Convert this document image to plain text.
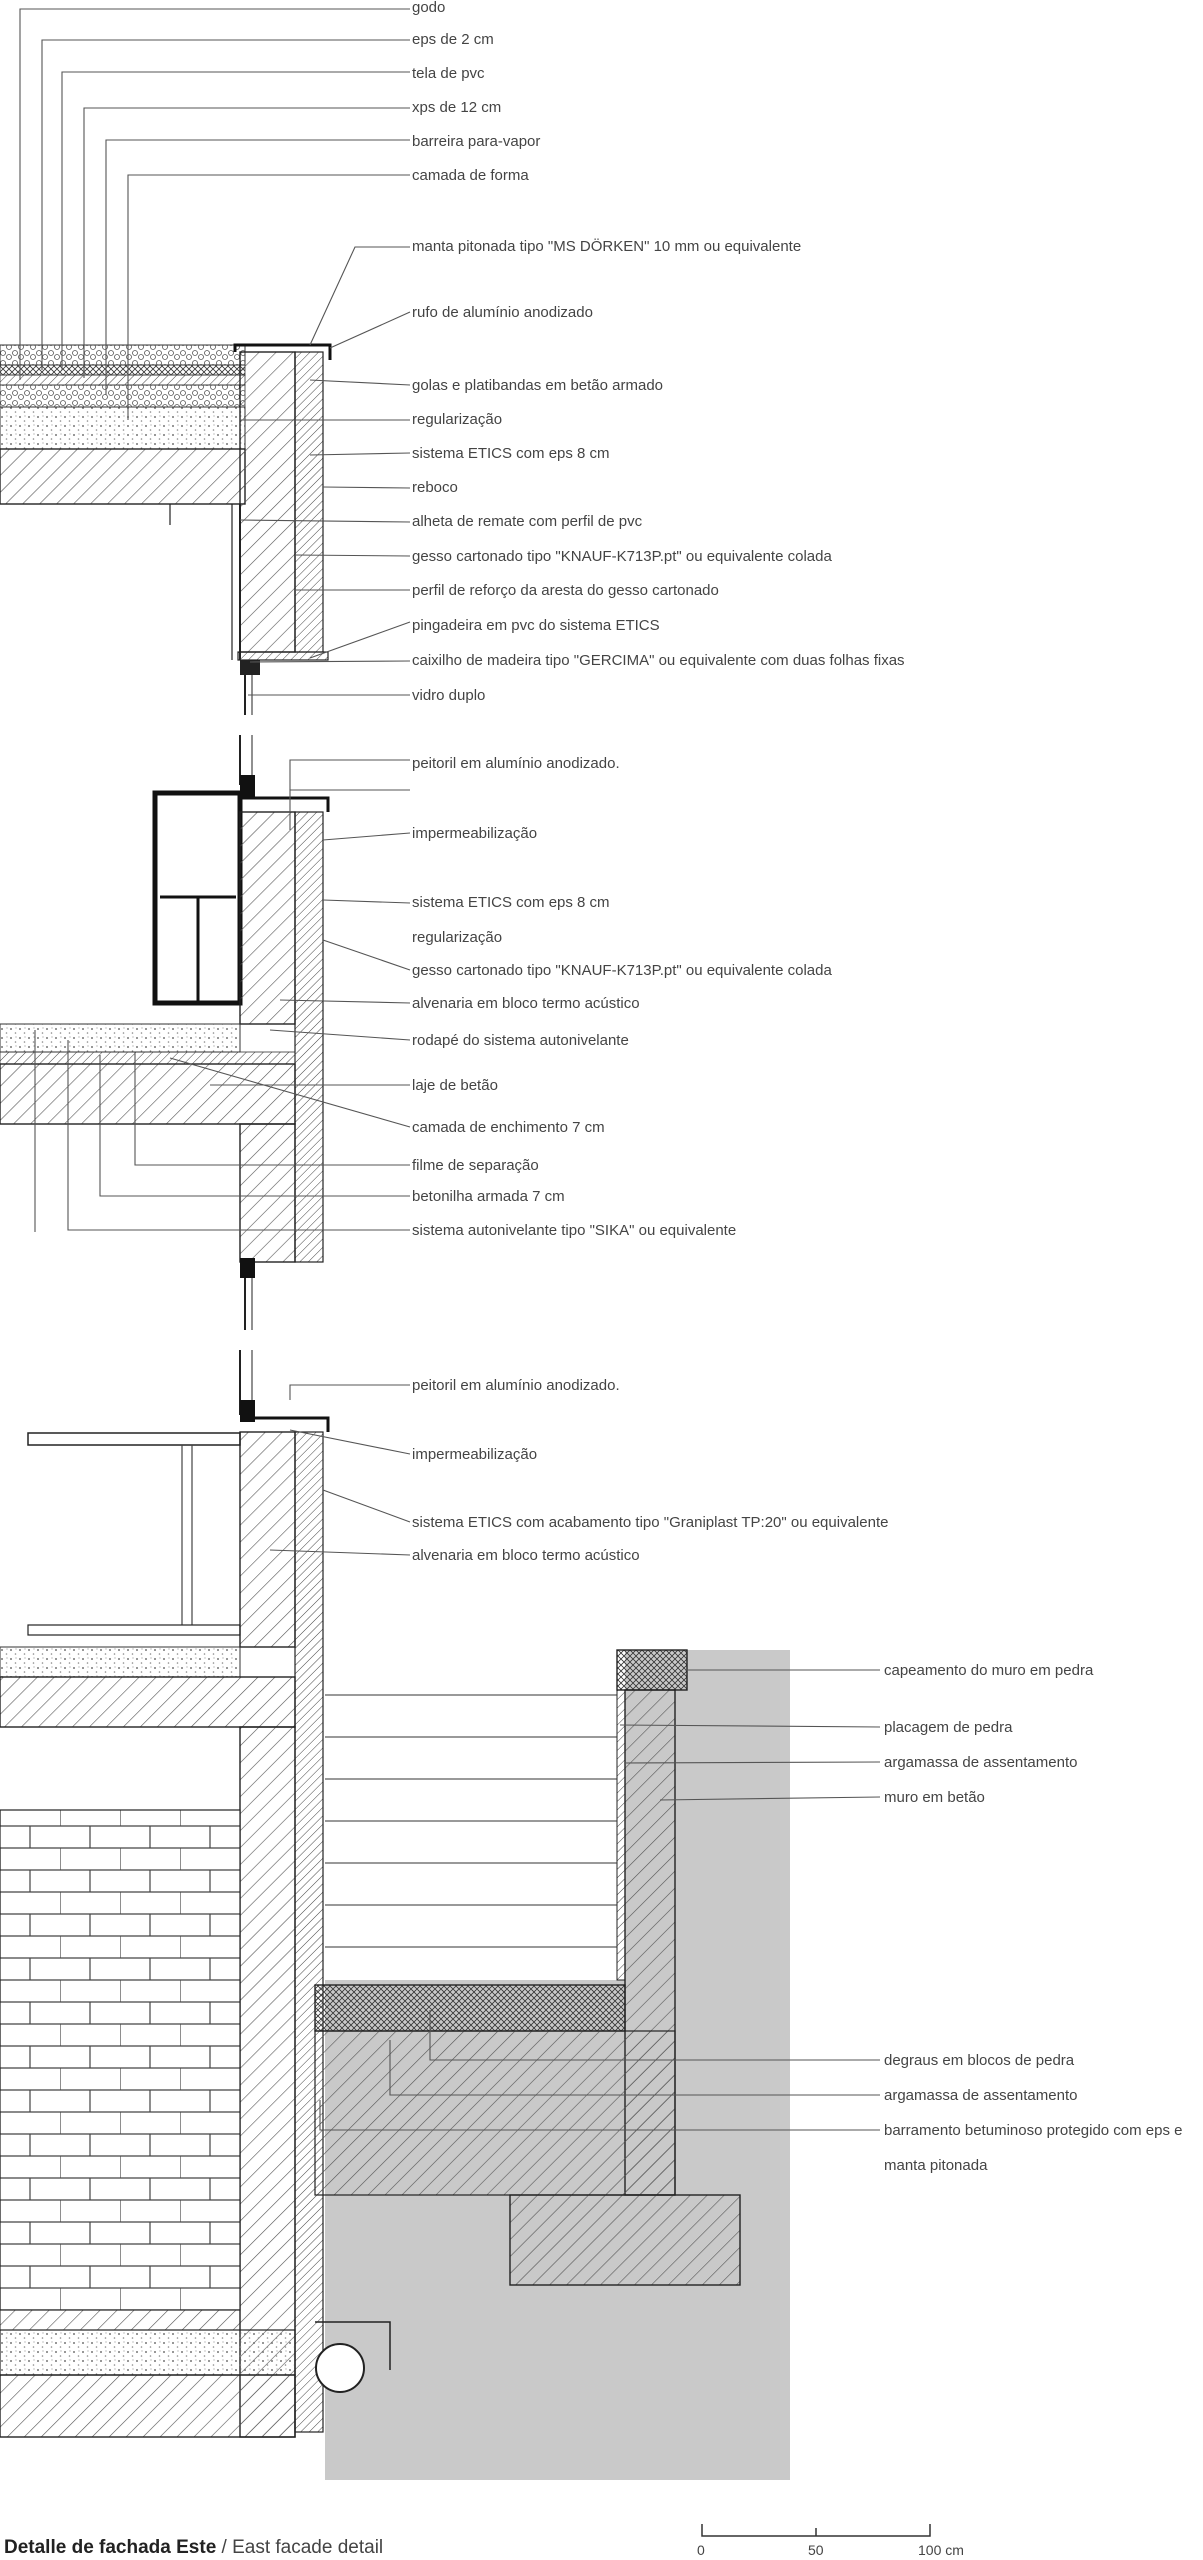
godo
eps de 2 cm
tela de pvc
xps de 12 cm
barreira para-vapor
camada de forma
manta pitonada tipo "MS DÖRKEN" 10 mm ou equivalente
rufo de alumínio anodizado
golas e platibandas em betão armado
regularização
sistema ETICS com eps 8 cm
reboco
alheta de remate com perfil de pvc
gesso cartonado tipo "KNAUF-K713P.pt" ou equivalente colada
perfil de reforço da aresta do gesso cartonado
pingadeira em pvc do sistema ETICS
caixilho de madeira tipo "GERCIMA" ou equivalente com duas folhas fixas
vidro duplo
peitoril em alumínio anodizado.
impermeabilização
sistema ETICS com eps 8 cm
regularização
gesso cartonado tipo "KNAUF-K713P.pt" ou equivalente colada
alvenaria em bloco termo acústico
rodapé do sistema autonivelante
laje de betão
camada de enchimento 7 cm
filme de separação
betonilha armada 7 cm
sistema autonivelante tipo "SIKA" ou equivalente
peitoril em alumínio anodizado.
impermeabilização
sistema ETICS com acabamento tipo "Graniplast TP:20" ou equivalente
alvenaria em bloco termo acústico
capeamento do muro em pedra
placagem de pedra
argamassa de assentamento
muro em betão
degraus em blocos de pedra
argamassa de assentamento
barramento betuminoso protegido com eps e
manta pitonada
Detalle de fachada Este / East facade detail	0	50	100 cm
